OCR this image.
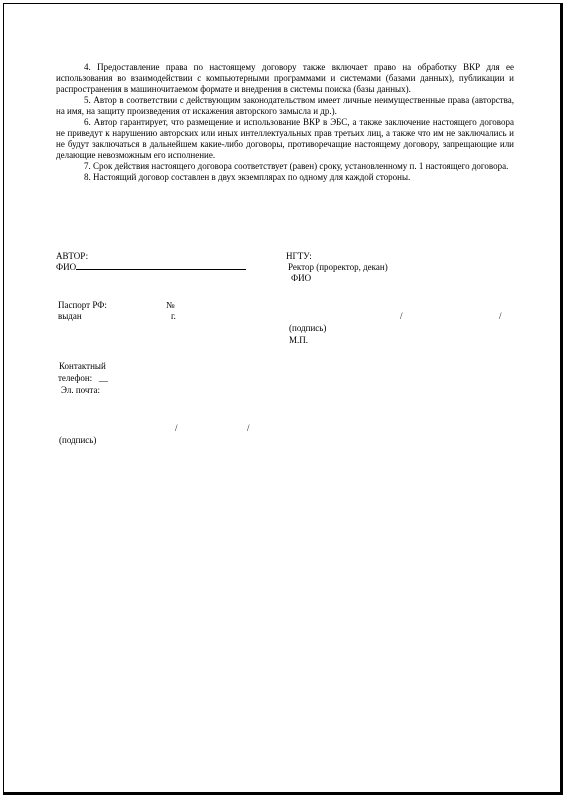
4. Предоставление права по настоящему договору также включает право на обработку ВКР для ее использования во взаимодействии с компьютерными программами и системами (базами данных), публикации и распространения в машиночитаемом формате и внедрения в системы поиска (базы данных).

5. Автор в соответствии с действующим законодательством имеет личные неимущественные права (авторства, на имя, на защиту произведения от искажения авторского замысла и др.).

6. Автор гарантирует, что размещение и использование ВКР в ЭБС, а также заключение настоящего договора не приведут к нарушению авторских или иных интеллектуальных прав третьих лиц, а также что им не заключались и не будут заключаться в дальнейшем какие-либо договоры, противоречащие настоящему договору, запрещающие или делающие невозможным его исполнение.

7. Срок действия настоящего договора соответствует (равен) сроку, установленному п. 1 настоящего договора.

8. Настоящий договор составлен в двух экземплярах по одному для каждой стороны.

АВТОР:
ФИО
Паспорт РФ:	№
выдан	г.
Контактный
телефон: __
Эл. почта:
/	/
(подпись)
НГТУ:
Ректор (проректор, декан)
ФИО
/	/
(подпись)
М.П.
